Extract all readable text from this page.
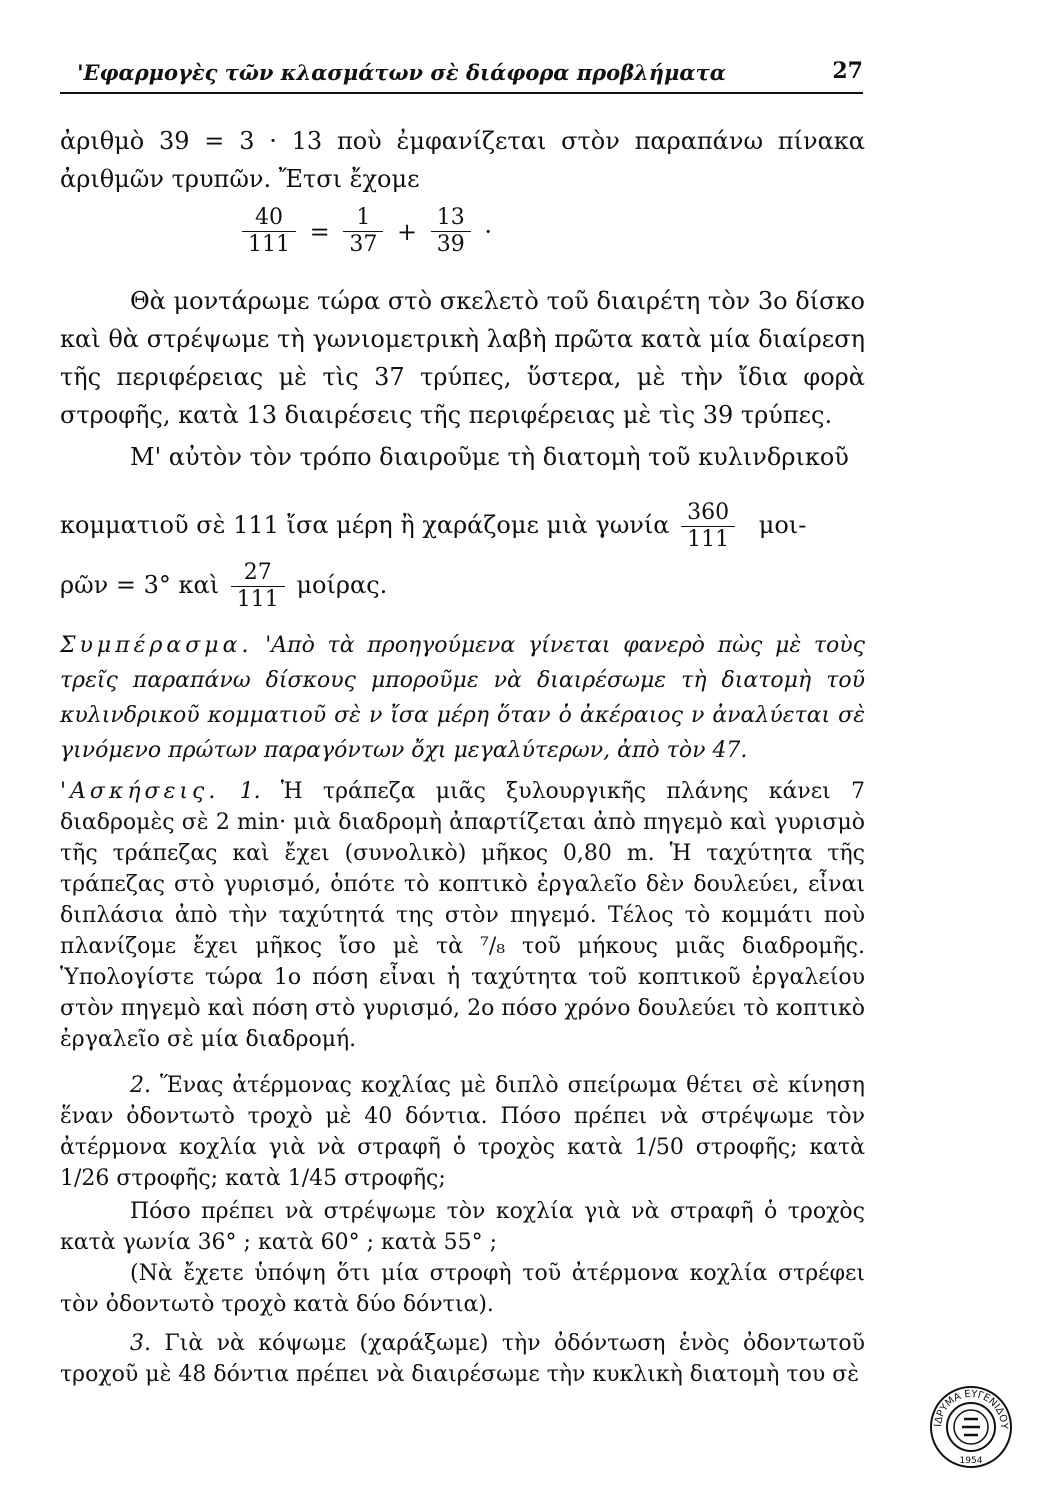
'Εφαρμογὲς τῶν κλασμάτων σὲ διάφορα προβλήματα	27
ἀριθμὸ 39 = 3 · 13 ποὺ ἐμφανίζεται στὸν παραπάνω πίνακα ἀριθμῶν τρυπῶν. Ἔτσι ἔχομε
$\frac{40}{111} = \frac{1}{37} + \frac{13}{39}$ ·
Θὰ μοντάρωμε τώρα στὸ σκελετὸ τοῦ διαιρέτη τὸν 3ο δίσκο καὶ θὰ στρέψωμε τὴ γωνιομετρικὴ λαβὴ πρῶτα κατὰ μία διαίρεση τῆς περιφέρειας μὲ τὶς 37 τρύπες, ὕστερα, μὲ τὴν ἴδια φορὰ στροφῆς, κατὰ 13 διαιρέσεις τῆς περιφέρειας μὲ τὶς 39 τρύπες.
Μ' αὐτὸν τὸν τρόπο διαιροῦμε τὴ διατομὴ τοῦ κυλινδρικοῦ
κομματιοῦ σὲ 111 ἴσα μέρη ἢ χαράζομε μιὰ γωνία $\frac{360}{111} \mu o\iota-$
ρῶν = 3° καὶ $\frac{27}{111} \mu oί\rho\alpha\varsigma$.
Συμπέρασμα. 'Απὸ τὰ προηγούμενα γίνεται φανερὸ πὼς μὲ τοὺς τρεῖς παραπάνω δίσκους μποροῦμε νὰ διαιρέσωμε τὴ διατομὴ τοῦ κυλινδρικοῦ κομματιοῦ σὲ ν ἴσα μέρη ὅταν ὁ ἀκέραιος ν ἀναλύεται σὲ γινόμενο πρώτων παραγόντων ὄχι μεγαλύτερων, ἀπὸ τὸν 47.
'Ασκήσεις. 1. Ἡ τράπεζα μιᾶς ξυλουργικῆς πλάνης κάνει 7 διαδρομὲς σὲ 2 min· μιὰ διαδρομὴ ἀπαρτίζεται ἀπὸ πηγεμὸ καὶ γυρισμὸ τῆς τράπεζας καὶ ἔχει (συνολικὸ) μῆκος 0,80 m. Ἡ ταχύτητα τῆς τράπεζας στὸ γυρισμό, ὁπότε τὸ κοπτικὸ ἐργαλεῖο δὲν δουλεύει, εἶναι διπλάσια ἀπὸ τὴν ταχύτητά της στὸν πηγεμό. Τέλος τὸ κομμάτι ποὺ πλανίζομε ἔχει μῆκος ἴσο μὲ τὰ ⁷/₈ τοῦ μήκους μιᾶς διαδρομῆς. Ὑπολογίστε τώρα 1ο πόση εἶναι ἡ ταχύτητα τοῦ κοπτικοῦ ἐργαλείου στὸν πηγεμὸ καὶ πόση στὸ γυρισμό, 2ο πόσο χρόνο δουλεύει τὸ κοπτικὸ ἐργαλεῖο σὲ μία διαδρομή.
2. Ἕνας ἀτέρμονας κοχλίας μὲ διπλὸ σπείρωμα θέτει σὲ κίνηση ἕναν ὀδοντωτὸ τροχὸ μὲ 40 δόντια. Πόσο πρέπει νὰ στρέψωμε τὸν ἀτέρμονα κοχλία γιὰ νὰ στραφῆ ὁ τροχὸς κατὰ 1/50 στροφῆς; κατὰ 1/26 στροφῆς; κατὰ 1/45 στροφῆς;
Πόσο πρέπει νὰ στρέψωμε τὸν κοχλία γιὰ νὰ στραφῆ ὁ τροχὸς κατὰ γωνία 36° ; κατὰ 60° ; κατὰ 55° ;
(Νὰ ἔχετε ὑπόψη ὅτι μία στροφὴ τοῦ ἀτέρμονα κοχλία στρέφει τὸν ὀδοντωτὸ τροχὸ κατὰ δύο δόντια).
3. Γιὰ νὰ κόψωμε (χαράξωμε) τὴν ὀδόντωση ἑνὸς ὀδοντωτοῦ τροχοῦ μὲ 48 δόντια πρέπει νὰ διαιρέσωμε τὴν κυκλικὴ διατομὴ του σὲ
ΙΔΡΥΜΑ ΕΥΓΕΝΙΔΟΥ
1954
